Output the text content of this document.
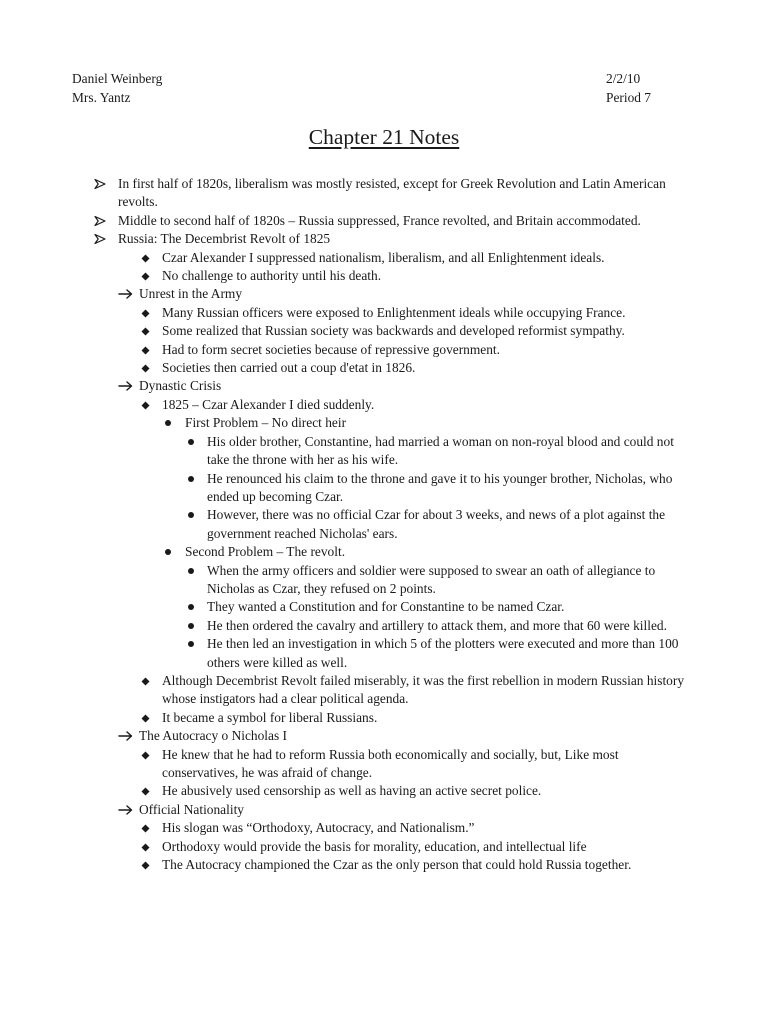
Daniel Weinberg	2/2/10
Mrs. Yantz	Period 7
Chapter 21 Notes
In first half of 1820s, liberalism was mostly resisted, except for Greek Revolution and Latin American revolts.
Middle to second half of 1820s – Russia suppressed, France revolted, and Britain accommodated.
Russia: The Decembrist Revolt of 1825
Czar Alexander I suppressed nationalism, liberalism, and all Enlightenment ideals.
No challenge to authority until his death.
Unrest in the Army
Many Russian officers were exposed to Enlightenment ideals while occupying France.
Some realized that Russian society was backwards and developed reformist sympathy.
Had to form secret societies because of repressive government.
Societies then carried out a coup d'etat in 1826.
Dynastic Crisis
1825 – Czar Alexander I died suddenly.
First Problem – No direct heir
His older brother, Constantine, had married a woman on non-royal blood and could not take the throne with her as his wife.
He renounced his claim to the throne and gave it to his younger brother, Nicholas, who ended up becoming Czar.
However, there was no official Czar for about 3 weeks, and news of a plot against the government reached Nicholas' ears.
Second Problem – The revolt.
When the army officers and soldier were supposed to swear an oath of allegiance to Nicholas as Czar, they refused on 2 points.
They wanted a Constitution and for Constantine to be named Czar.
He then ordered the cavalry and artillery to attack them, and more that 60 were killed.
He then led an investigation in which 5 of the plotters were executed and more than 100 others were killed as well.
Although Decembrist Revolt failed miserably, it was the first rebellion in modern Russian history whose instigators had a clear political agenda.
It became a symbol for liberal Russians.
The Autocracy o Nicholas I
He knew that he had to reform Russia both economically and socially, but, Like most conservatives, he was afraid of change.
He abusively used censorship as well as having an active secret police.
Official Nationality
His slogan was “Orthodoxy, Autocracy, and Nationalism.”
Orthodoxy would provide the basis for morality, education, and intellectual life
The Autocracy championed the Czar as the only person that could hold Russia together.
